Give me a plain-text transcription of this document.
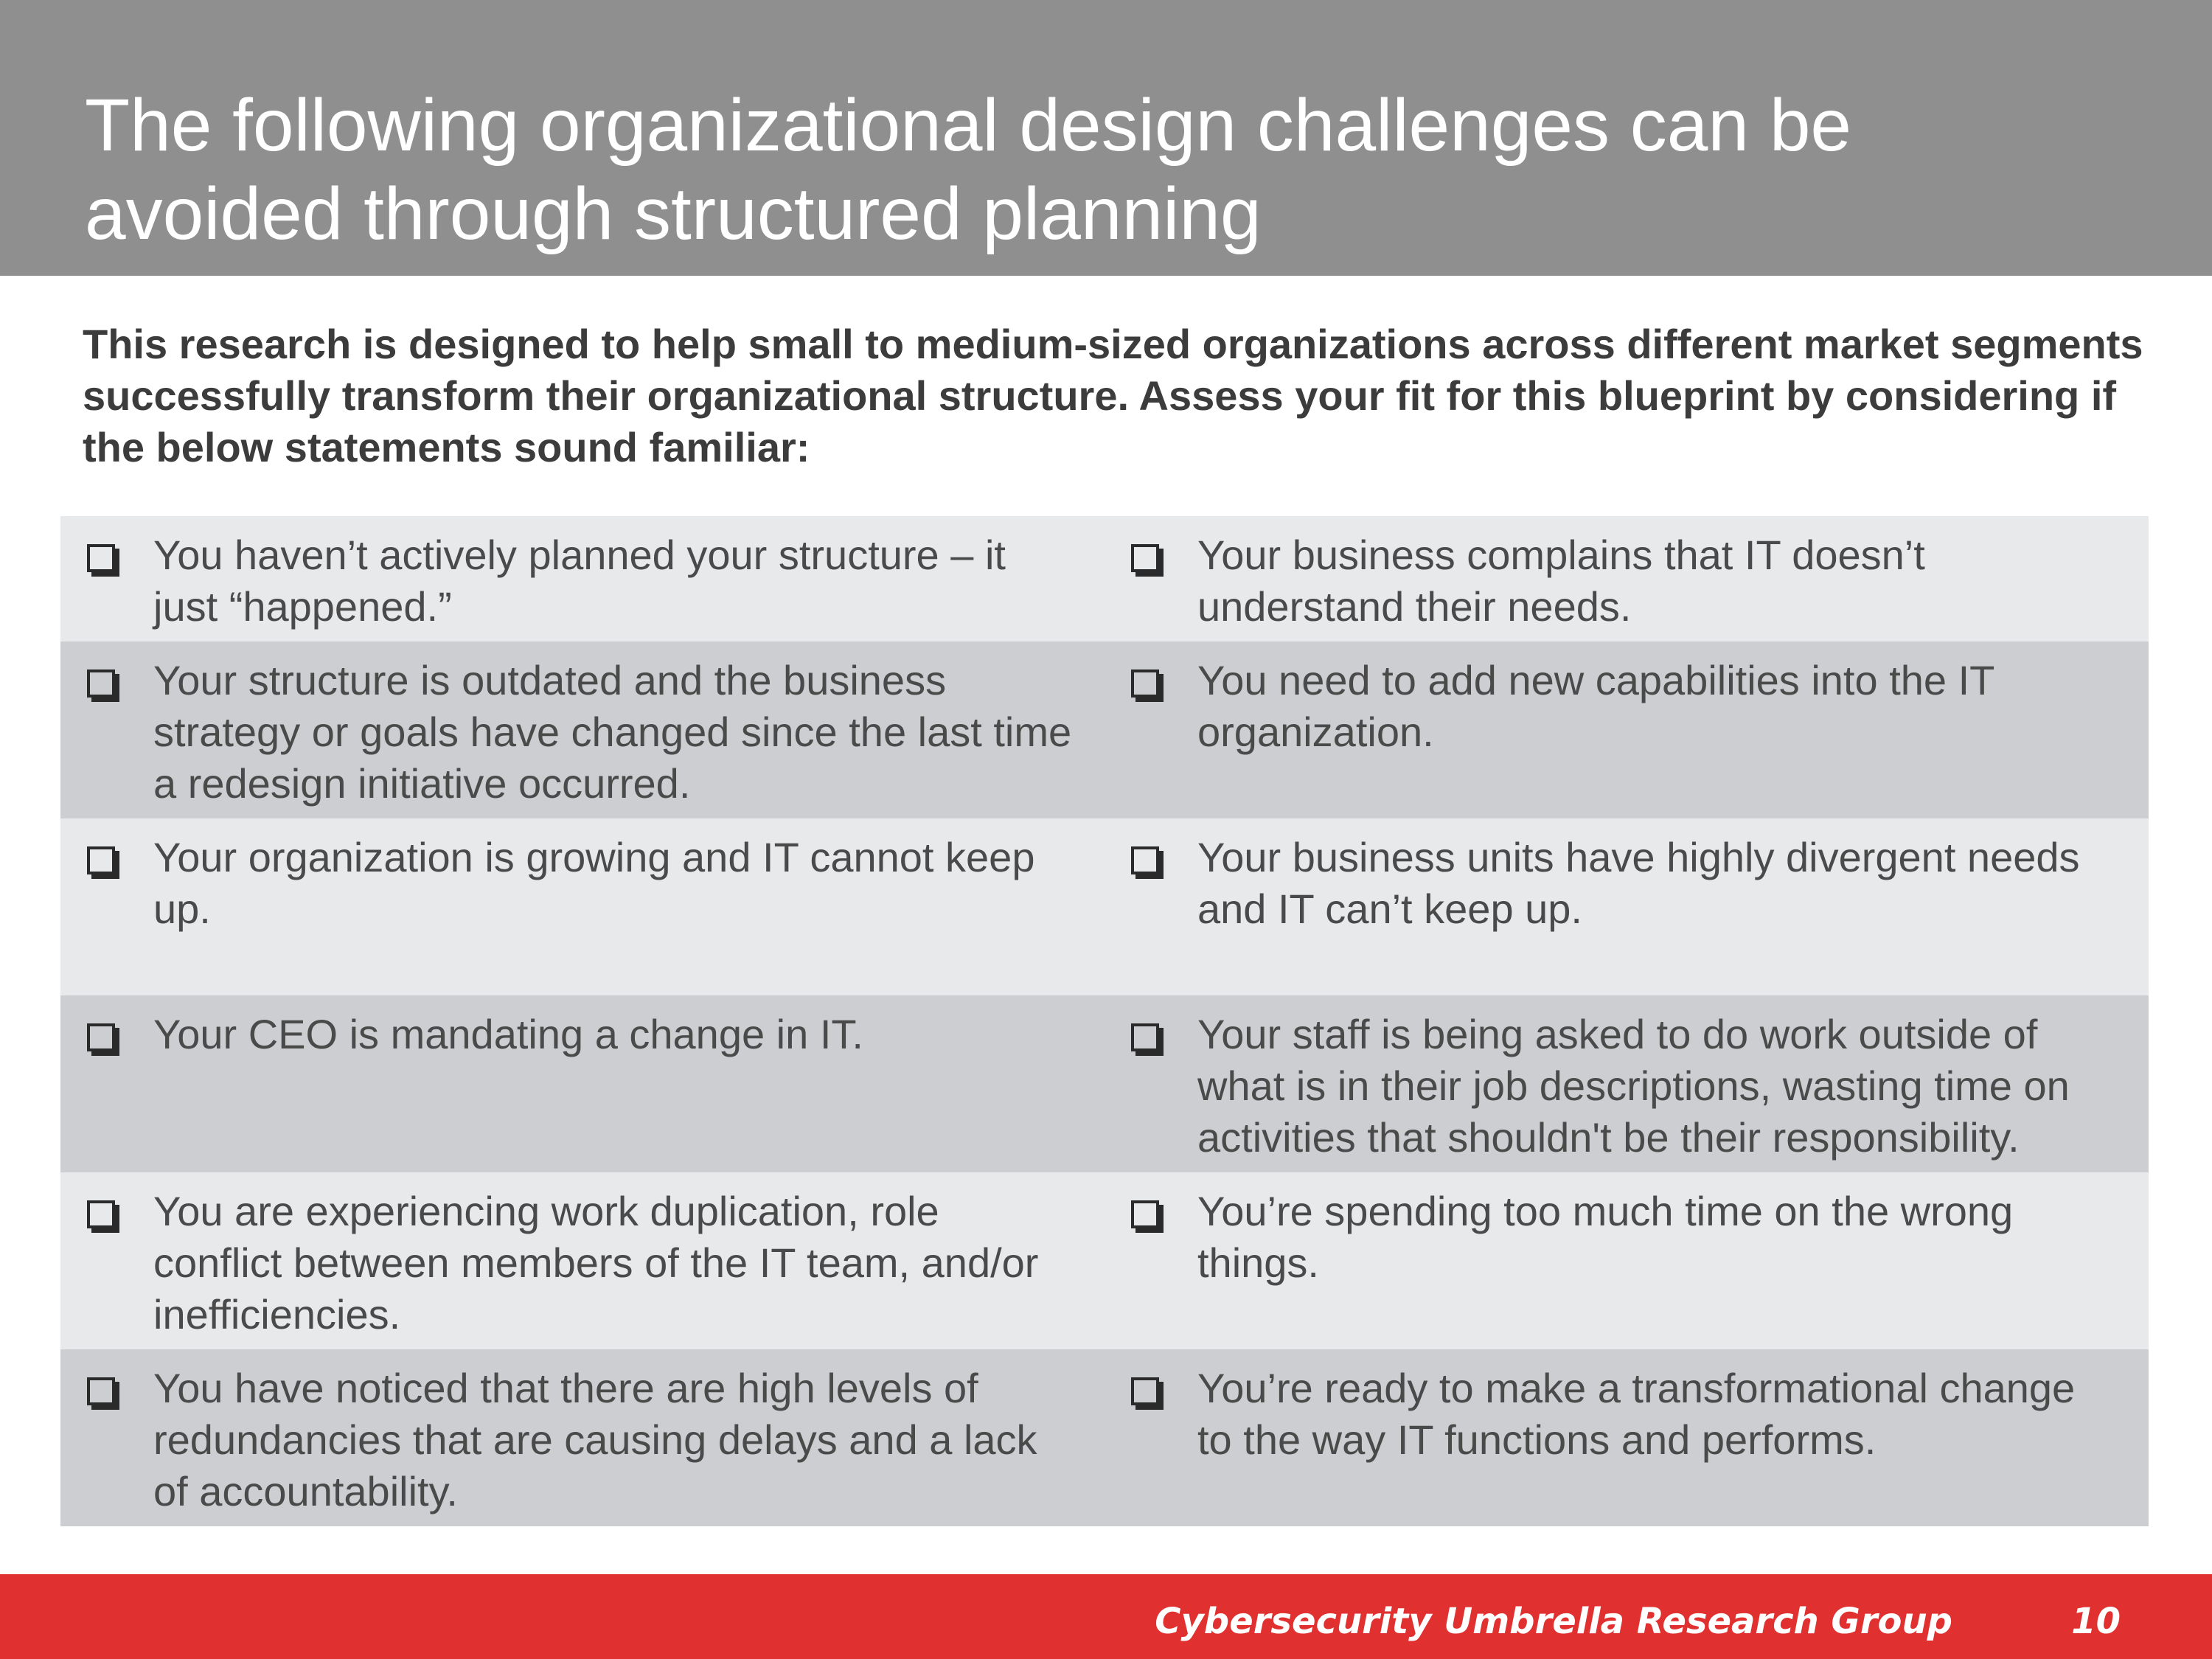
The following organizational design challenges can be avoided through structured planning

This research is designed to help small to medium-sized organizations across different market segments successfully transform their organizational structure. Assess your fit for this blueprint by considering if the below statements sound familiar:

You haven’t actively planned your structure – it just “happened.”
Your business complains that IT doesn’t understand their needs.
Your structure is outdated and the business strategy or goals have changed since the last time a redesign initiative occurred.
You need to add new capabilities into the IT organization.
Your organization is growing and IT cannot keep up.
Your business units have highly divergent needs and IT can’t keep up.
Your CEO is mandating a change in IT.	Your staff is being asked to do work outside of what is in their job descriptions, wasting time on activities that shouldn't be their responsibility.
You are experiencing work duplication, role conflict between members of the IT team, and/or inefficiencies.
You’re spending too much time on the wrong things.
You have noticed that there are high levels of redundancies that are causing delays and a lack of accountability.
You’re ready to make a transformational change to the way IT functions and performs.
Cybersecurity Umbrella Research Group	10
